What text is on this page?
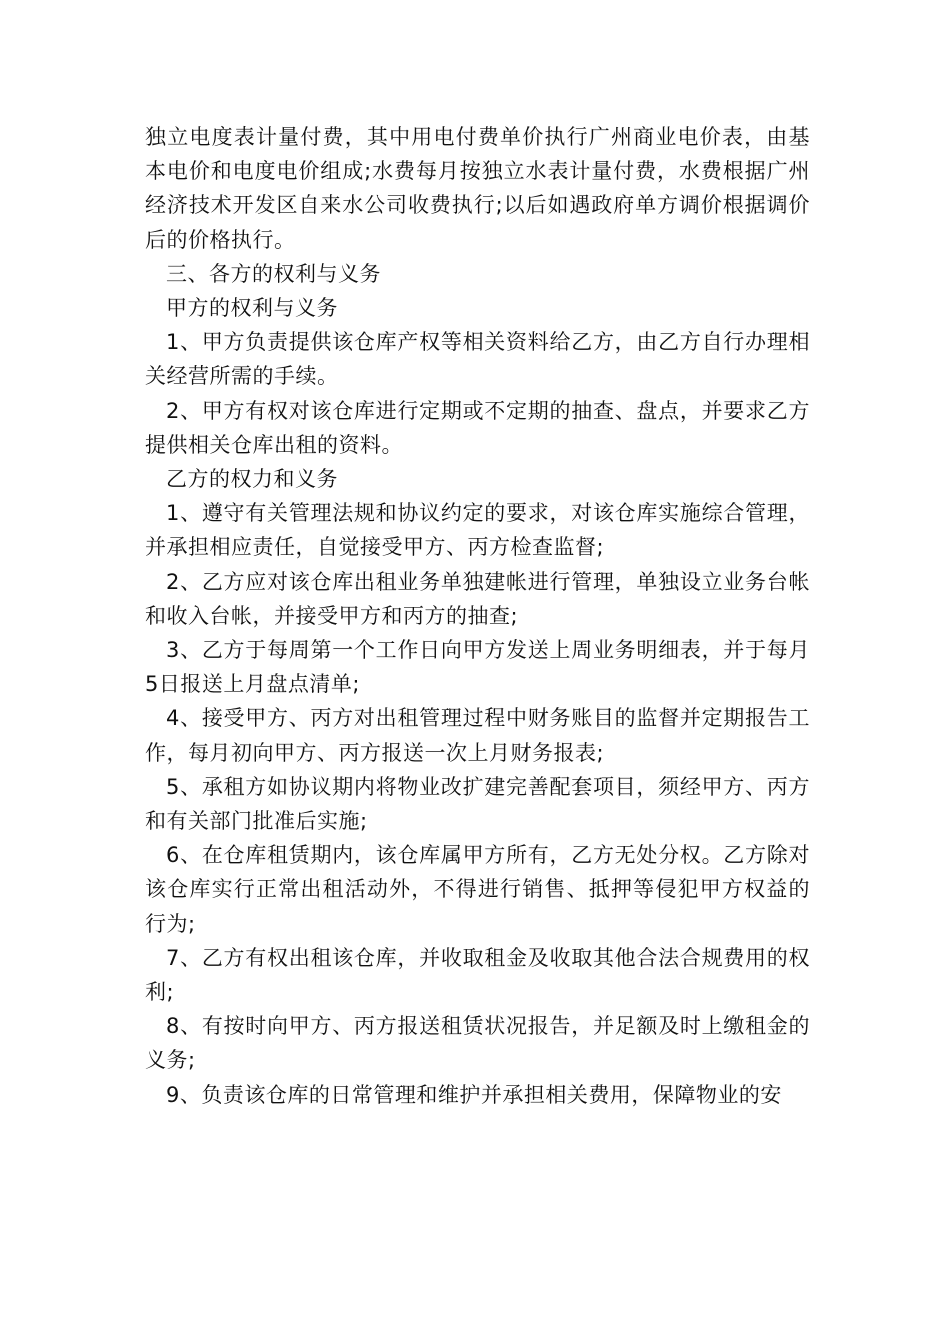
独立电度表计量付费，其中用电付费单价执行广州商业电价表，由基本电价和电度电价组成;水费每月按独立水表计量付费，水费根据广州经济技术开发区自来水公司收费执行;以后如遇政府单方调价根据调价后的价格执行。

三、各方的权利与义务

甲方的权利与义务

1、甲方负责提供该仓库产权等相关资料给乙方，由乙方自行办理相关经营所需的手续。

2、甲方有权对该仓库进行定期或不定期的抽查、盘点，并要求乙方提供相关仓库出租的资料。

乙方的权力和义务

1、遵守有关管理法规和协议约定的要求，对该仓库实施综合管理，并承担相应责任，自觉接受甲方、丙方检查监督;

2、乙方应对该仓库出租业务单独建帐进行管理，单独设立业务台帐和收入台帐，并接受甲方和丙方的抽查;

3、乙方于每周第一个工作日向甲方发送上周业务明细表，并于每月5日报送上月盘点清单;

4、接受甲方、丙方对出租管理过程中财务账目的监督并定期报告工作，每月初向甲方、丙方报送一次上月财务报表;

5、承租方如协议期内将物业改扩建完善配套项目，须经甲方、丙方和有关部门批准后实施;

6、在仓库租赁期内，该仓库属甲方所有，乙方无处分权。乙方除对该仓库实行正常出租活动外，不得进行销售、抵押等侵犯甲方权益的行为;

7、乙方有权出租该仓库，并收取租金及收取其他合法合规费用的权利;

8、有按时向甲方、丙方报送租赁状况报告，并足额及时上缴租金的义务;

9、负责该仓库的日常管理和维护并承担相关费用，保障物业的安
